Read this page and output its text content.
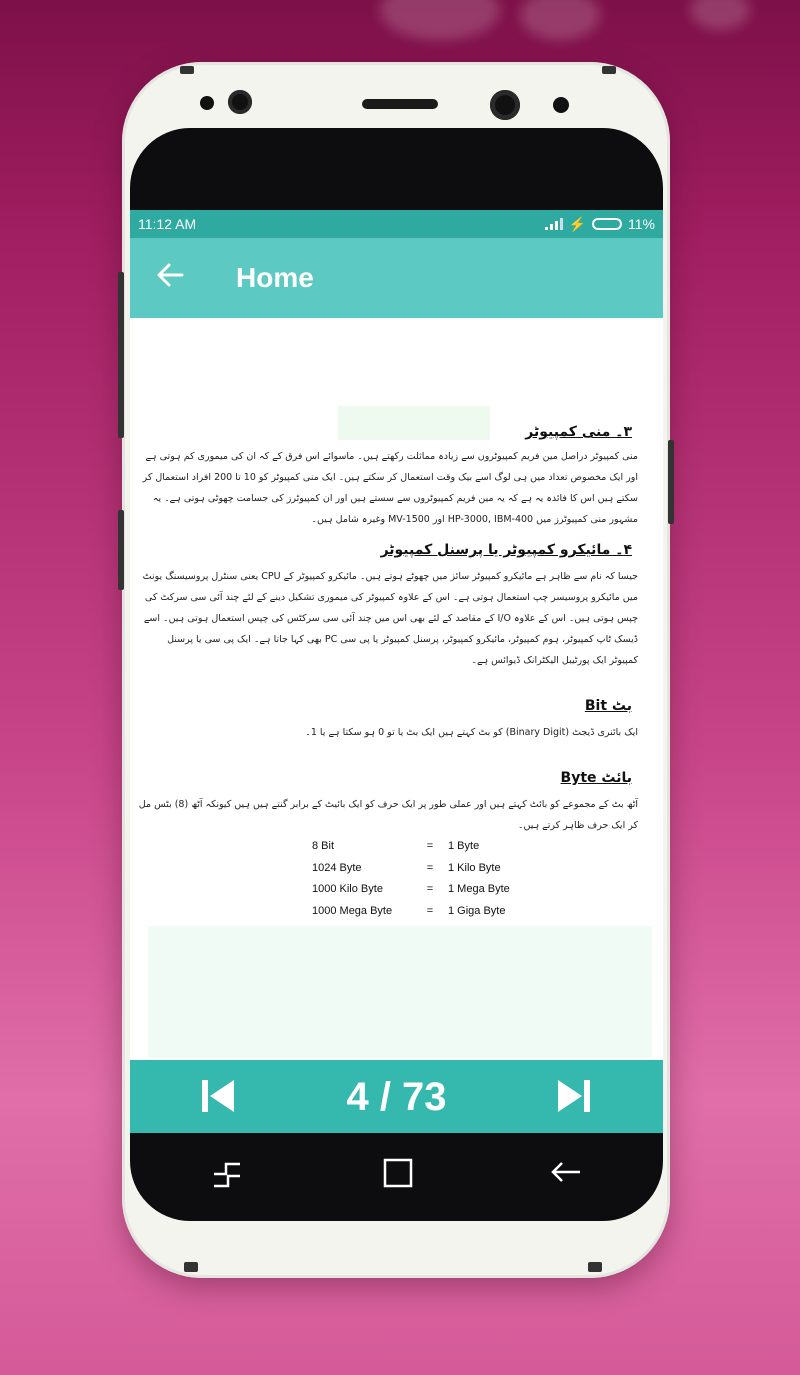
11:12 AM	⚡	11%
Home
۳۔ منی کمپیوٹر
منی کمپیوٹر دراصل مین فریم کمپیوٹروں سے زیادہ مماثلت رکھتے ہیں۔ ماسوائے اس فرق کے کہ ان کی میموری کم ہوتی ہے اور ایک مخصوص تعداد میں ہی لوگ اسے بیک وقت استعمال کر سکتے ہیں۔ ایک منی کمپیوٹر کو 10 تا 200 افراد استعمال کر سکتے ہیں اس کا فائدہ یہ ہے کہ یہ مین فریم کمپیوٹروں سے سستے ہیں اور ان کمپیوٹرز کی جسامت چھوٹی ہوتی ہے۔ یہ مشہور منی کمپیوٹرز میں HP-3000, IBM-400 اور MV-1500 وغیرہ شامل ہیں۔
۴۔ مائیکرو کمپیوٹر یا پرسنل کمپیوٹر
جیسا کہ نام سے ظاہر ہے مائیکرو کمپیوٹر سائز میں چھوٹے ہوتے ہیں۔ مائیکرو کمپیوٹر کے CPU یعنی سنٹرل پروسیسنگ یونٹ میں مائیکرو پروسیسر چپ استعمال ہوتی ہے۔ اس کے علاوہ کمپیوٹر کی میموری تشکیل دینے کے لئے چند آئی سی سرکٹ کی چپس ہوتی ہیں۔ اس کے علاوہ I/O کے مقاصد کے لئے بھی اس میں چند آئی سی سرکٹس کی چپس استعمال ہوتی ہیں۔ اسے ڈیسک ٹاپ کمپیوٹر، ہوم کمپیوٹر، مائیکرو کمپیوٹر، پرسنل کمپیوٹر یا پی سی PC بھی کہا جاتا ہے۔ ایک پی سی یا پرسنل کمپیوٹر ایک پورٹیبل الیکٹرانک ڈیوائس ہے۔
بٹ Bit
ایک بائنری ڈیجٹ (Binary Digit) کو بٹ کہتے ہیں ایک بٹ یا تو 0 ہو سکتا ہے یا 1۔
بائٹ Byte
آٹھ بٹ کے مجموعے کو بائٹ کہتے ہیں اور عملی طور پر ایک حرف کو ایک بائیٹ کے برابر گنتے ہیں ہیں کیونکہ آٹھ (8) بٹس مل کر ایک حرف ظاہر کرتے ہیں۔
8 Bit	=	1 Byte
1024 Byte	=	1 Kilo Byte
1000 Kilo Byte	=	1 Mega Byte
1000 Mega Byte	=	1 Giga Byte
4 / 73
